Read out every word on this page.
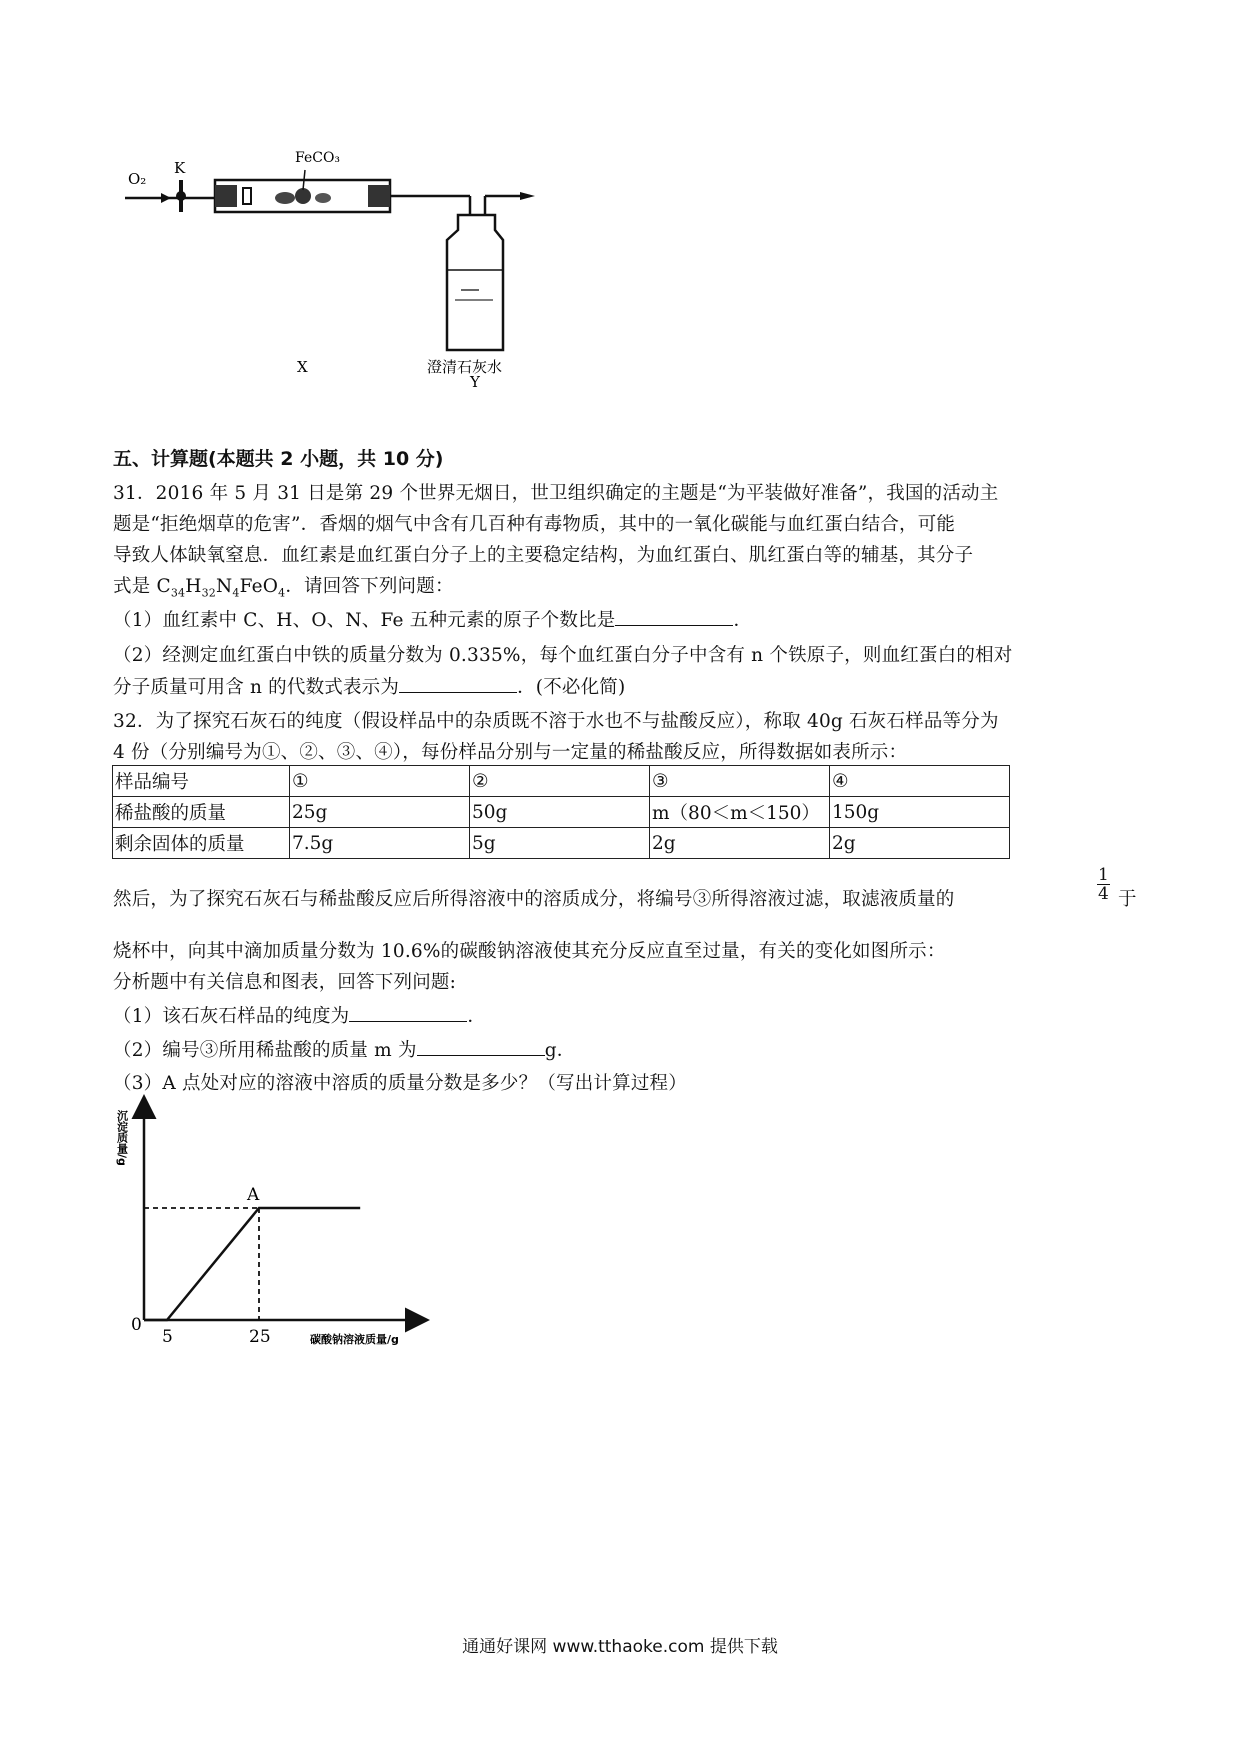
O₂
K
FeCO₃
澄清石灰水
X
Y
五、计算题(本题共 2 小题，共 10 分)
31．2016 年 5 月 31 日是第 29 个世界无烟日，世卫组织确定的主题是“为平装做好准备”，我国的活动主
题是“拒绝烟草的危害”．香烟的烟气中含有几百种有毒物质，其中的一氧化碳能与血红蛋白结合，可能
导致人体缺氧窒息．血红素是血红蛋白分子上的主要稳定结构，为血红蛋白、肌红蛋白等的辅基，其分子
式是 $C_{34}H_{32}N_4FeO_4$．请回答下列问题：
（1）血红素中 C、H、O、N、Fe 五种元素的原子个数比是	．
（2）经测定血红蛋白中铁的质量分数为 0.335%，每个血红蛋白分子中含有 n 个铁原子，则血红蛋白的相对
分子质量可用含 n 的代数式表示为	．(不必化简)
32．为了探究石灰石的纯度（假设样品中的杂质既不溶于水也不与盐酸反应），称取 40g 石灰石样品等分为
4 份（分别编号为①、②、③、④），每份样品分别与一定量的稀盐酸反应，所得数据如表所示：
样品编号	①	②	③	④
稀盐酸的质量	25g	50g	m（80＜m＜150）	150g
剩余固体的质量	7.5g	5g	2g	2g
然后，为了探究石灰石与稀盐酸反应后所得溶液中的溶质成分，将编号③所得溶液过滤，取滤液质量的	$\frac{1}{4}$ 于
烧杯中，向其中滴加质量分数为 10.6%的碳酸钠溶液使其充分反应直至过量，有关的变化如图所示：
分析题中有关信息和图表，回答下列问题:
（1）该石灰石样品的纯度为	．
（2）编号③所用稀盐酸的质量 m 为	g．
（3）A 点处对应的溶液中溶质的质量分数是多少？（写出计算过程）
沉淀质量/g
A
5	25
0
碳酸钠溶液质量/g
通通好课网 www.tthaoke.com 提供下载
